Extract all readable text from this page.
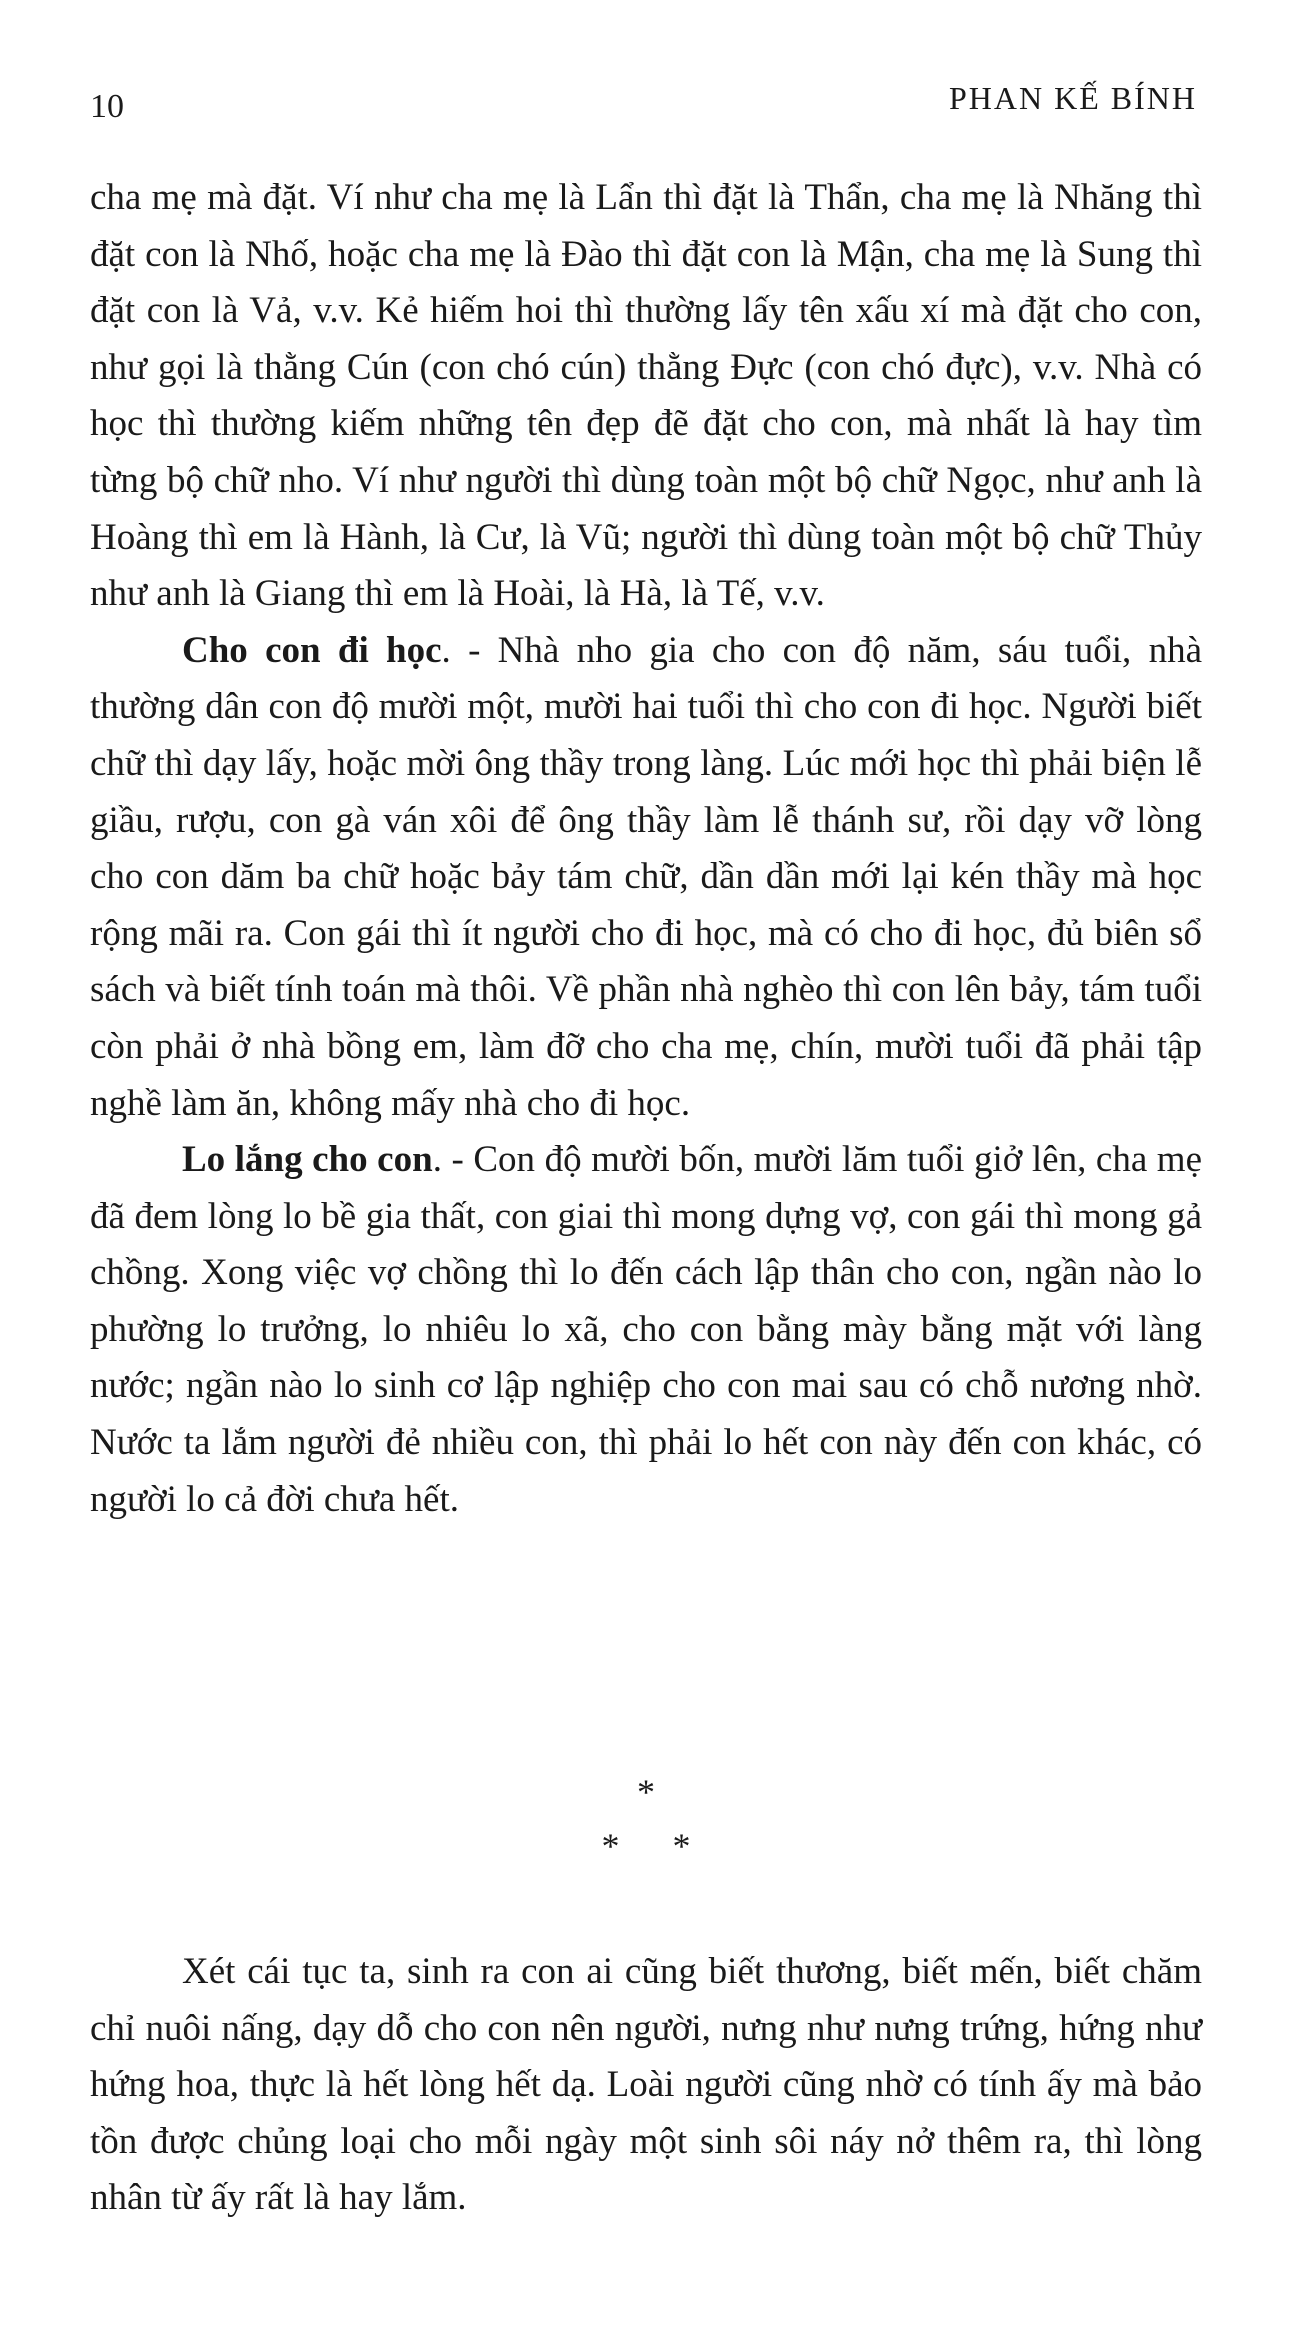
10	PHAN KẾ BÍNH

cha mẹ mà đặt. Ví như cha mẹ là Lẩn thì đặt là Thẩn, cha mẹ là Nhăng thì đặt con là Nhố, hoặc cha mẹ là Đào thì đặt con là Mận, cha mẹ là Sung thì đặt con là Vả, v.v. Kẻ hiếm hoi thì thường lấy tên xấu xí mà đặt cho con, như gọi là thằng Cún (con chó cún) thằng Đực (con chó đực), v.v. Nhà có học thì thường kiếm những tên đẹp đẽ đặt cho con, mà nhất là hay tìm từng bộ chữ nho. Ví như người thì dùng toàn một bộ chữ Ngọc, như anh là Hoàng thì em là Hành, là Cư, là Vũ; người thì dùng toàn một bộ chữ Thủy như anh là Giang thì em là Hoài, là Hà, là Tế, v.v.

Cho con đi học. - Nhà nho gia cho con độ năm, sáu tuổi, nhà thường dân con độ mười một, mười hai tuổi thì cho con đi học. Người biết chữ thì dạy lấy, hoặc mời ông thầy trong làng. Lúc mới học thì phải biện lễ giầu, rượu, con gà ván xôi để ông thầy làm lễ thánh sư, rồi dạy vỡ lòng cho con dăm ba chữ hoặc bảy tám chữ, dần dần mới lại kén thầy mà học rộng mãi ra. Con gái thì ít người cho đi học, mà có cho đi học, đủ biên sổ sách và biết tính toán mà thôi. Về phần nhà nghèo thì con lên bảy, tám tuổi còn phải ở nhà bồng em, làm đỡ cho cha mẹ, chín, mười tuổi đã phải tập nghề làm ăn, không mấy nhà cho đi học.

Lo lắng cho con. - Con độ mười bốn, mười lăm tuổi giở lên, cha mẹ đã đem lòng lo bề gia thất, con giai thì mong dựng vợ, con gái thì mong gả chồng. Xong việc vợ chồng thì lo đến cách lập thân cho con, ngần nào lo phường lo trưởng, lo nhiêu lo xã, cho con bằng mày bằng mặt với làng nước; ngần nào lo sinh cơ lập nghiệp cho con mai sau có chỗ nương nhờ. Nước ta lắm người đẻ nhiều con, thì phải lo hết con này đến con khác, có người lo cả đời chưa hết.

*
* *

Xét cái tục ta, sinh ra con ai cũng biết thương, biết mến, biết chăm chỉ nuôi nấng, dạy dỗ cho con nên người, nưng như nưng trứng, hứng như hứng hoa, thực là hết lòng hết dạ. Loài người cũng nhờ có tính ấy mà bảo tồn được chủng loại cho mỗi ngày một sinh sôi náy nở thêm ra, thì lòng nhân từ ấy rất là hay lắm.
